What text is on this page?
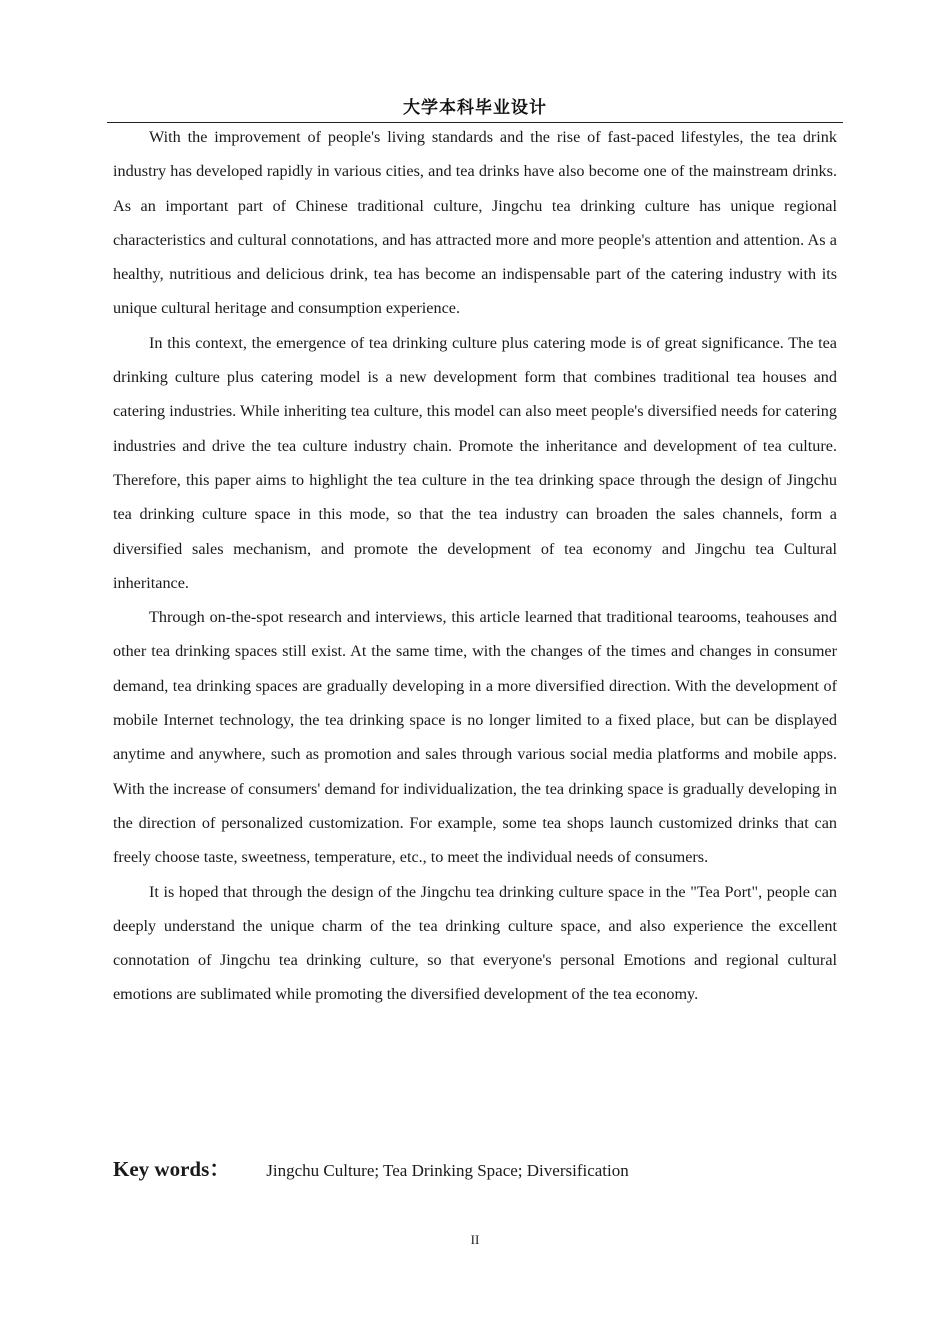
大学本科毕业设计

With the improvement of people's living standards and the rise of fast-paced lifestyles, the tea drink industry has developed rapidly in various cities, and tea drinks have also become one of the mainstream drinks. As an important part of Chinese traditional culture, Jingchu tea drinking culture has unique regional characteristics and cultural connotations, and has attracted more and more people's attention and attention. As a healthy, nutritious and delicious drink, tea has become an indispensable part of the catering industry with its unique cultural heritage and consumption experience.

In this context, the emergence of tea drinking culture plus catering mode is of great significance. The tea drinking culture plus catering model is a new development form that combines traditional tea houses and catering industries. While inheriting tea culture, this model can also meet people's diversified needs for catering industries and drive the tea culture industry chain. Promote the inheritance and development of tea culture. Therefore, this paper aims to highlight the tea culture in the tea drinking space through the design of Jingchu tea drinking culture space in this mode, so that the tea industry can broaden the sales channels, form a diversified sales mechanism, and promote the development of tea economy and Jingchu tea Cultural inheritance.

Through on-the-spot research and interviews, this article learned that traditional tearooms, teahouses and other tea drinking spaces still exist. At the same time, with the changes of the times and changes in consumer demand, tea drinking spaces are gradually developing in a more diversified direction. With the development of mobile Internet technology, the tea drinking space is no longer limited to a fixed place, but can be displayed anytime and anywhere, such as promotion and sales through various social media platforms and mobile apps. With the increase of consumers' demand for individualization, the tea drinking space is gradually developing in the direction of personalized customization. For example, some tea shops launch customized drinks that can freely choose taste, sweetness, temperature, etc., to meet the individual needs of consumers.

It is hoped that through the design of the Jingchu tea drinking culture space in the "Tea Port", people can deeply understand the unique charm of the tea drinking culture space, and also experience the excellent connotation of Jingchu tea drinking culture, so that everyone's personal Emotions and regional cultural emotions are sublimated while promoting the diversified development of the tea economy.

Key words： Jingchu Culture; Tea Drinking Space; Diversification
II
